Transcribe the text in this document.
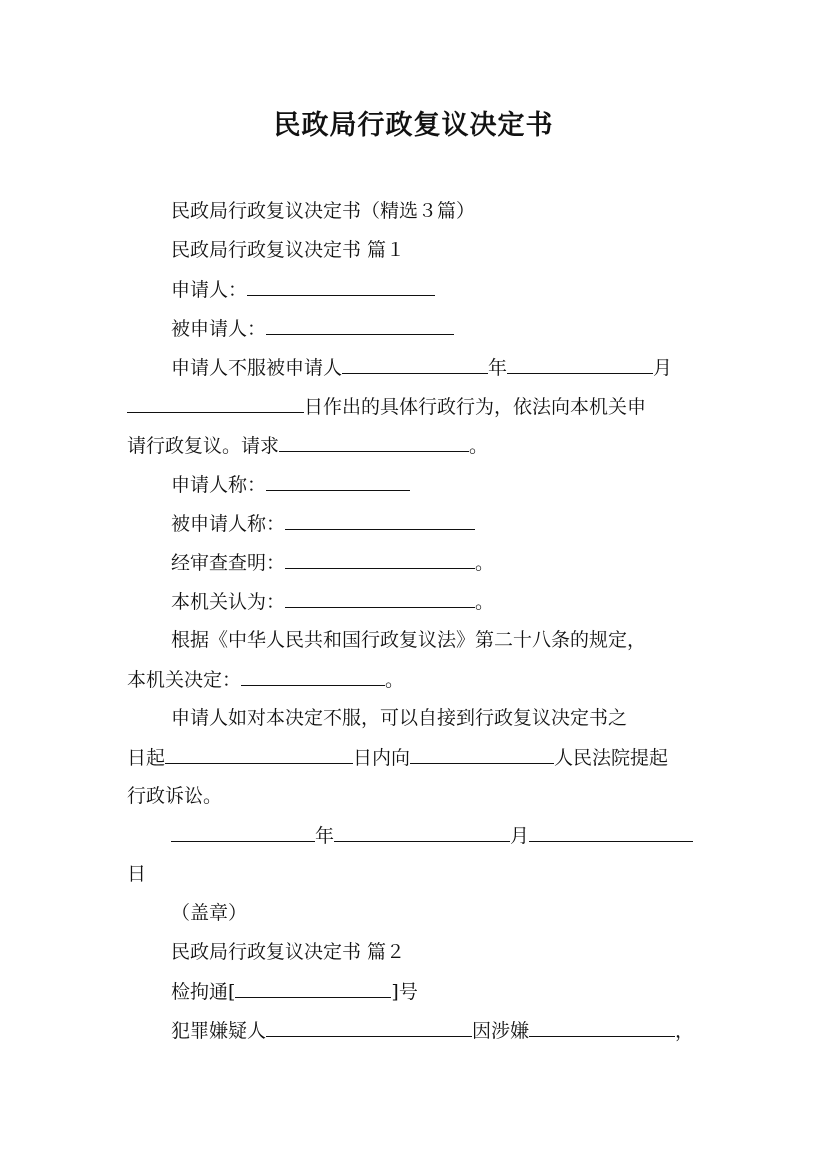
民政局行政复议决定书

民政局行政复议决定书（精选３篇）

民政局行政复议决定书 篇１

申请人：

被申请人：

申请人不服被申请人	年	月

日作出的具体行政行为，依法向本机关申

请行政复议。请求	。

申请人称：

被申请人称：

经审查查明：	。

本机关认为：	。

根据《中华人民共和国行政复议法》第二十八条的规定，

本机关决定：	。

申请人如对本决定不服，可以自接到行政复议决定书之

日起	日内向	人民法院提起

行政诉讼。

年	月

日

（盖章）

民政局行政复议决定书 篇２

检拘通[	]号

犯罪嫌疑人	因涉嫌	，
